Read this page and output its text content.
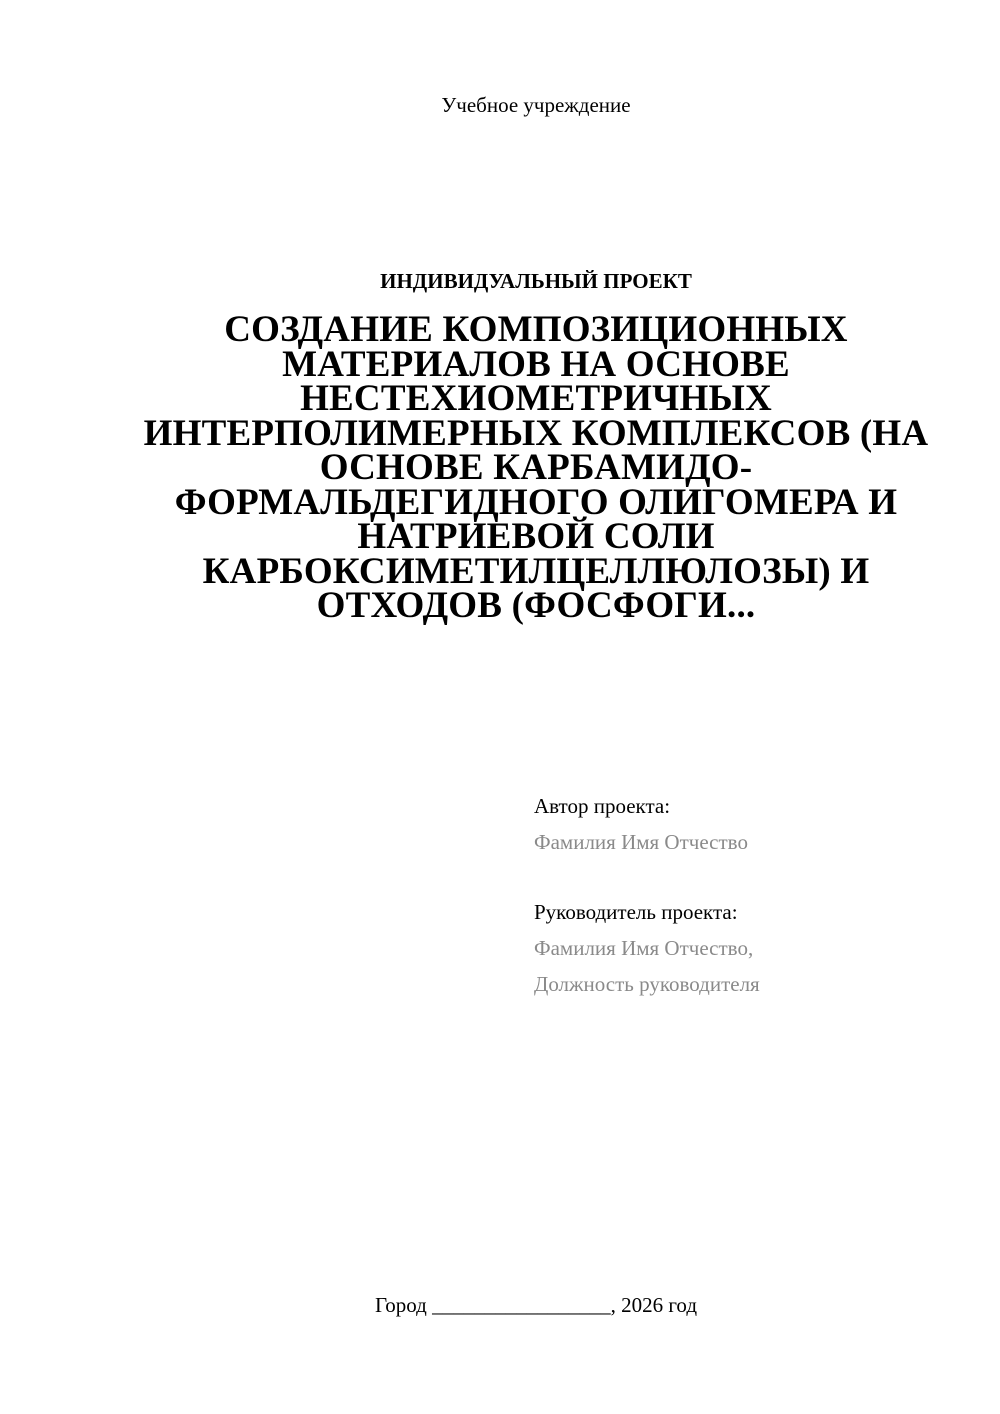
Учебное учреждение
ИНДИВИДУАЛЬНЫЙ ПРОЕКТ
СОЗДАНИЕ КОМПОЗИЦИОННЫХ МАТЕРИАЛОВ НА ОСНОВЕ НЕСТЕХИОМЕТРИЧНЫХ ИНТЕРПОЛИМЕРНЫХ КОМПЛЕКСОВ (НА ОСНОВЕ КАРБАМИДО-ФОРМАЛЬДЕГИДНОГО ОЛИГОМЕРА И НАТРИЕВОЙ СОЛИ КАРБОКСИМЕТИЛЦЕЛЛЮЛОЗЫ) И ОТХОДОВ (ФОСФОГИ...
Автор проекта:
Фамилия Имя Отчество
Руководитель проекта:
Фамилия Имя Отчество,
Должность руководителя
Город _________________, 2026 год
